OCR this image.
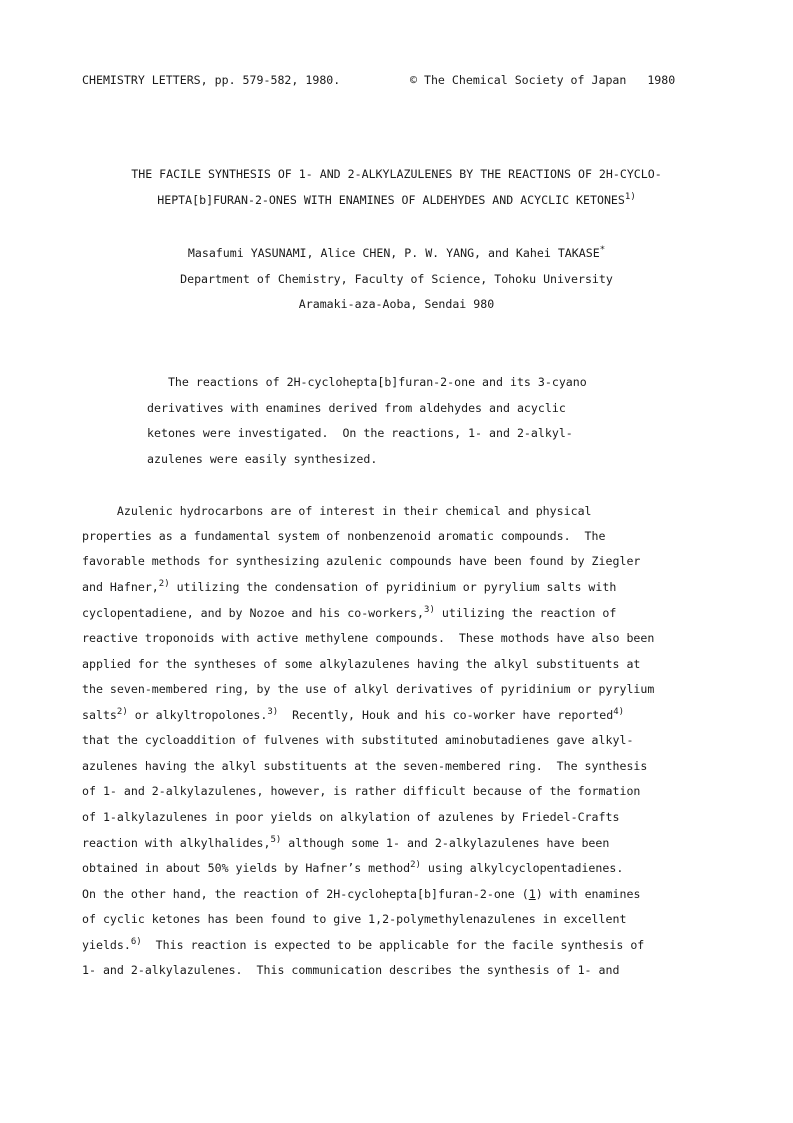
CHEMISTRY LETTERS, pp. 579-582, 1980.	© The Chemical Society of Japan   1980
THE FACILE SYNTHESIS OF 1- AND 2-ALKYLAZULENES BY THE REACTIONS OF 2H-CYCLO-
HEPTA[b]FURAN-2-ONES WITH ENAMINES OF ALDEHYDES AND ACYCLIC KETONES$^{1)}$
Masafumi YASUNAMI, Alice CHEN, P. W. YANG, and Kahei TAKASE*
Department of Chemistry, Faculty of Science, Tohoku University
Aramaki-aza-Aoba, Sendai 980
The reactions of 2H-cyclohepta[b]furan-2-one and its 3-cyano
derivatives with enamines derived from aldehydes and acyclic
ketones were investigated.  On the reactions, 1- and 2-alkyl-
azulenes were easily synthesized.
Azulenic hydrocarbons are of interest in their chemical and physical
properties as a fundamental system of nonbenzenoid aromatic compounds.  The
favorable methods for synthesizing azulenic compounds have been found by Ziegler
and Hafner,$^{2)}$ utilizing the condensation of pyridinium or pyrylium salts with
cyclopentadiene, and by Nozoe and his co-workers,$^{3)}$ utilizing the reaction of
reactive troponoids with active methylene compounds.  These mothods have also been
applied for the syntheses of some alkylazulenes having the alkyl substituents at
the seven-membered ring, by the use of alkyl derivatives of pyridinium or pyrylium
salts$^{2)}$ or alkyltropolones.$^{3)}$  Recently, Houk and his co-worker have reported$^{4)}$
that the cycloaddition of fulvenes with substituted aminobutadienes gave alkyl-
azulenes having the alkyl substituents at the seven-membered ring.  The synthesis
of 1- and 2-alkylazulenes, however, is rather difficult because of the formation
of 1-alkylazulenes in poor yields on alkylation of azulenes by Friedel-Crafts
reaction with alkylhalides,$^{5)}$ although some 1- and 2-alkylazulenes have been
obtained in about 50% yields by Hafner’s method$^{2)}$ using alkylcyclopentadienes.
On the other hand, the reaction of 2H-cyclohepta[b]furan-2-one (1) with enamines
of cyclic ketones has been found to give 1,2-polymethylenazulenes in excellent
yields.$^{6)}$  This reaction is expected to be applicable for the facile synthesis of
1- and 2-alkylazulenes.  This communication describes the synthesis of 1- and
